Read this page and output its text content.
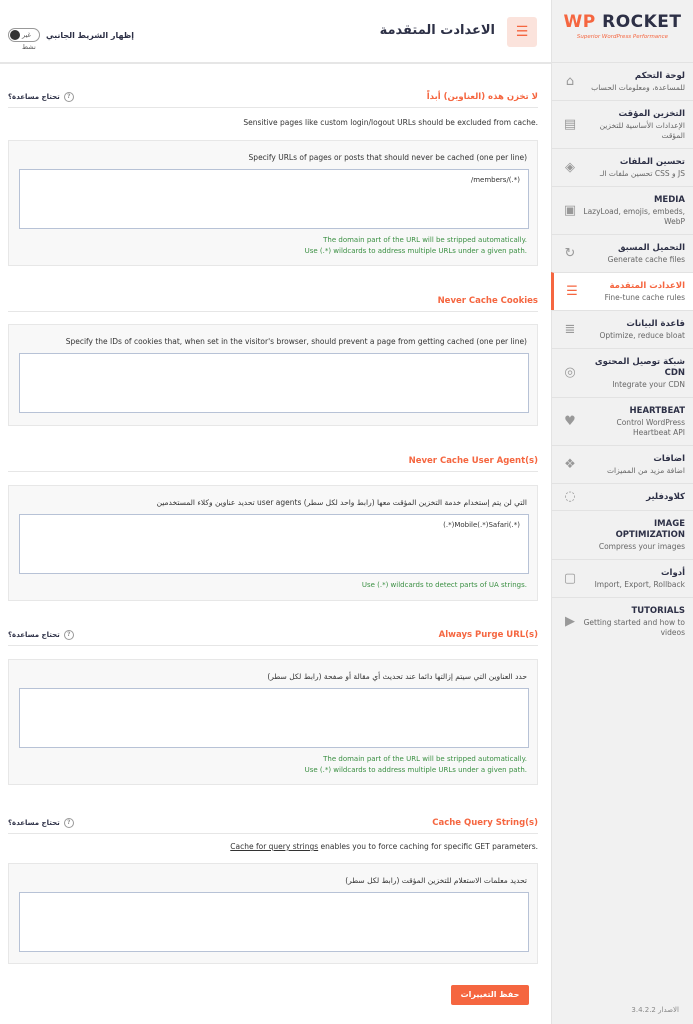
WP ROCKET
Superior WordPress Performance
⌂	لوحة التحكم
للمساعدة، ومعلومات الحساب
▤
التخزين المؤقت
الإعدادات الأساسية للتخزين المؤقت
◈	تحسين الملفات
تحسين ملفات الـ CSS و JS
▣
MEDIA
LazyLoad, emojis, embeds, WebP
↻	التحميل المسبق
Generate cache files
☰	الاعدادت المتقدمة
Fine-tune cache rules
≣	قاعدة البيانات
Optimize, reduce bloat
◎
شبكة توصيل المحتوى CDN
Integrate your CDN
♥
HEARTBEAT
Control WordPress Heartbeat API
❖	اضافات
اضافة مزيد من المميزات
◌	كلاودفلير
IMAGE OPTIMIZATION
Compress your images
▢	أدوات
Import, Export, Rollback
▶
TUTORIALS
Getting started and how to videos
الاصدار 3.4.2.2
☰
الاعدادت المتقدمة
غير نشط
إظهار الشريط الجانبي
لا تخزن هذه (العناوين) أبداً
تحتاج مساعدة؟	?
Sensitive pages like custom login/logout URLs should be excluded from cache.
Specify URLs of pages or posts that should never be cached (one per line)
/members/(.*)
The domain part of the URL will be stripped automatically.
Use (.*) wildcards to address multiple URLs under a given path.
Never Cache Cookies
Specify the IDs of cookies that, when set in the visitor's browser, should prevent a page from getting cached (one per line)
Never Cache User Agent(s)
تحديد عناوين وكلاء المستخدمين user agents التي لن يتم إستخدام خدمة التخزين المؤقت معها (رابط واحد لكل سطر)
(.*)Mobile(.*)Safari(.*)
Use (.*) wildcards to detect parts of UA strings.
Always Purge URL(s)
تحتاج مساعدة؟	?
حدد العناوين التي سيتم إزالتها دائما عند تحديث أي مقالة أو صفحة (رابط لكل سطر)
The domain part of the URL will be stripped automatically.
Use (.*) wildcards to address multiple URLs under a given path.
Cache Query String(s)
تحتاج مساعدة؟	?
Cache for query strings enables you to force caching for specific GET parameters.
تحديد معلمات الاستعلام للتخزين المؤقت (رابط لكل سطر)
حفظ التغييرات
